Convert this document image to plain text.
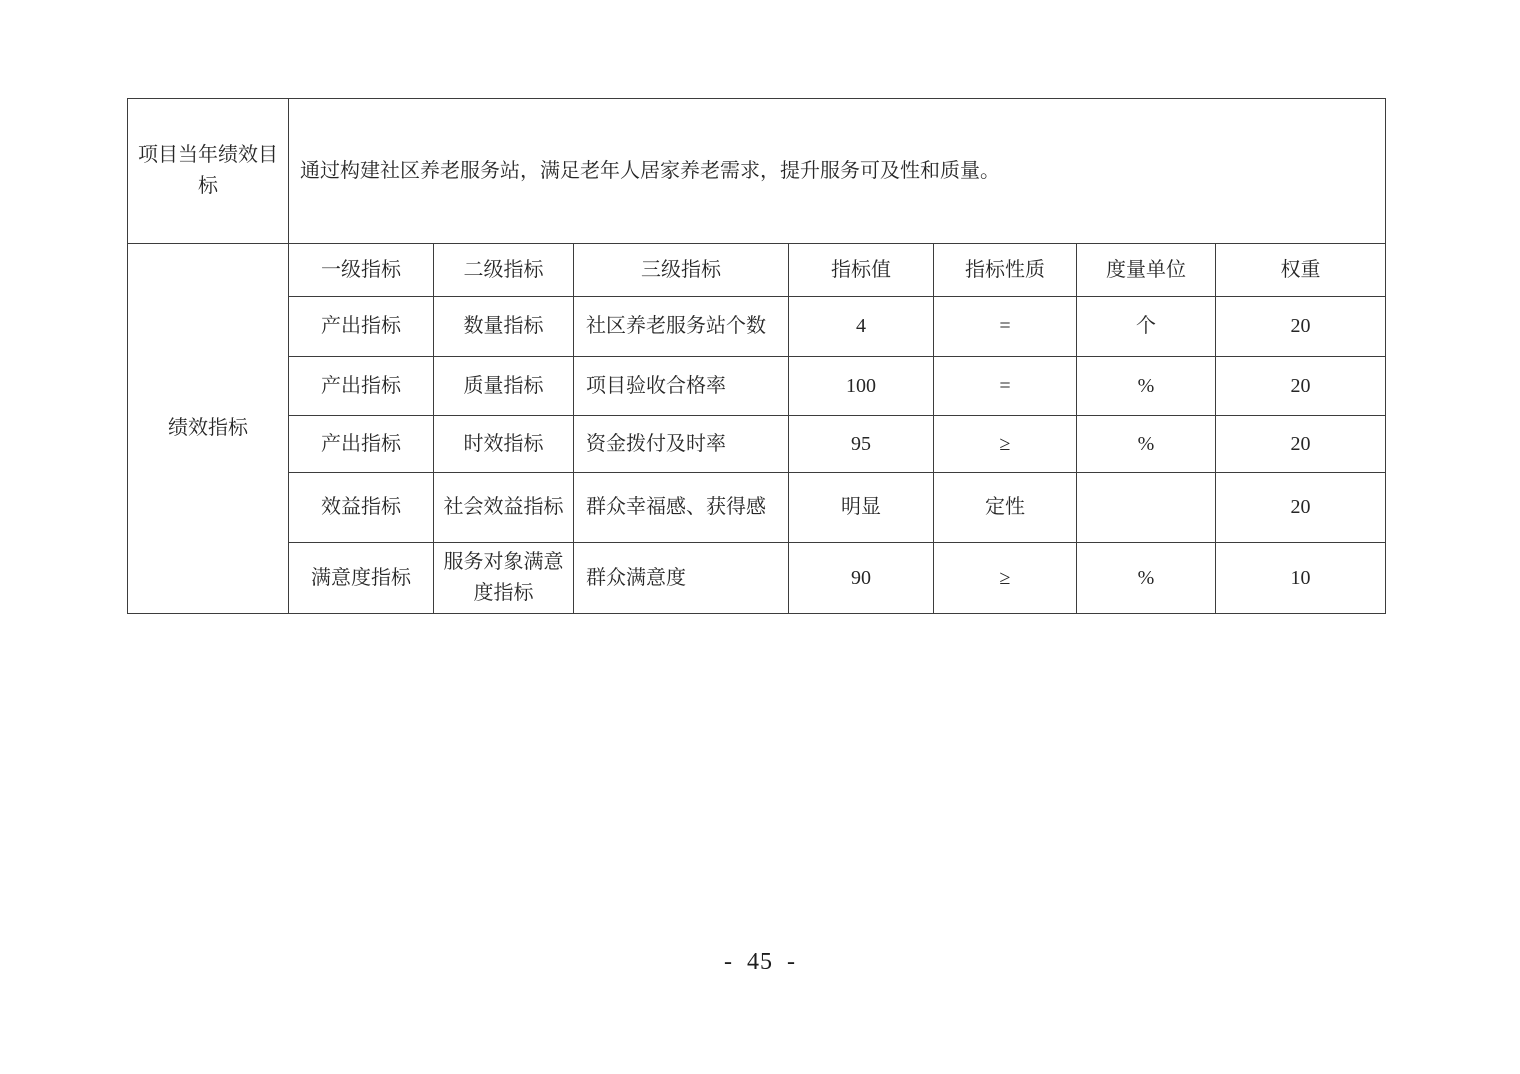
项目当年绩效目标	通过构建社区养老服务站，满足老年人居家养老需求，提升服务可及性和质量。						
绩效指标	一级指标	二级指标	三级指标	指标值	指标性质	度量单位	权重
	产出指标	数量指标	社区养老服务站个数	4	=	个	20
	产出指标	质量指标	项目验收合格率	100	=	%	20
	产出指标	时效指标	资金拨付及时率	95	≥	%	20
	效益指标	社会效益指标	群众幸福感、获得感	明显	定性		20
	满意度指标	服务对象满意度指标	群众满意度	90	≥	%	10
- 45 -
